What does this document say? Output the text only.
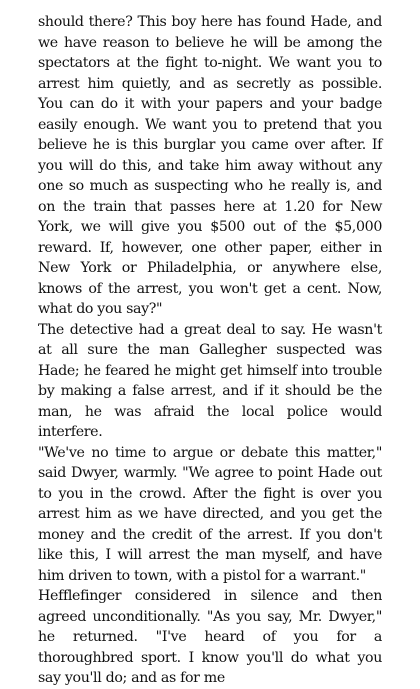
should there? This boy here has found Hade, and we have reason to believe he will be among the spectators at the fight to-night. We want you to arrest him quietly, and as secretly as possible. You can do it with your papers and your badge easily enough. We want you to pretend that you believe he is this burglar you came over after. If you will do this, and take him away without any one so much as suspecting who he really is, and on the train that passes here at 1.20 for New York, we will give you $500 out of the $5,000 reward. If, however, one other paper, either in New York or Philadelphia, or anywhere else, knows of the arrest, you won't get a cent. Now, what do you say?"

The detective had a great deal to say. He wasn't at all sure the man Gallegher suspected was Hade; he feared he might get himself into trouble by making a false arrest, and if it should be the man, he was afraid the local police would interfere.

"We've no time to argue or debate this matter," said Dwyer, warmly. "We agree to point Hade out to you in the crowd. After the fight is over you arrest him as we have directed, and you get the money and the credit of the arrest. If you don't like this, I will arrest the man myself, and have him driven to town, with a pistol for a warrant."

Hefflefinger considered in silence and then agreed unconditionally. "As you say, Mr. Dwyer," he returned. "I've heard of you for a thoroughbred sport. I know you'll do what you say you'll do; and as for me
